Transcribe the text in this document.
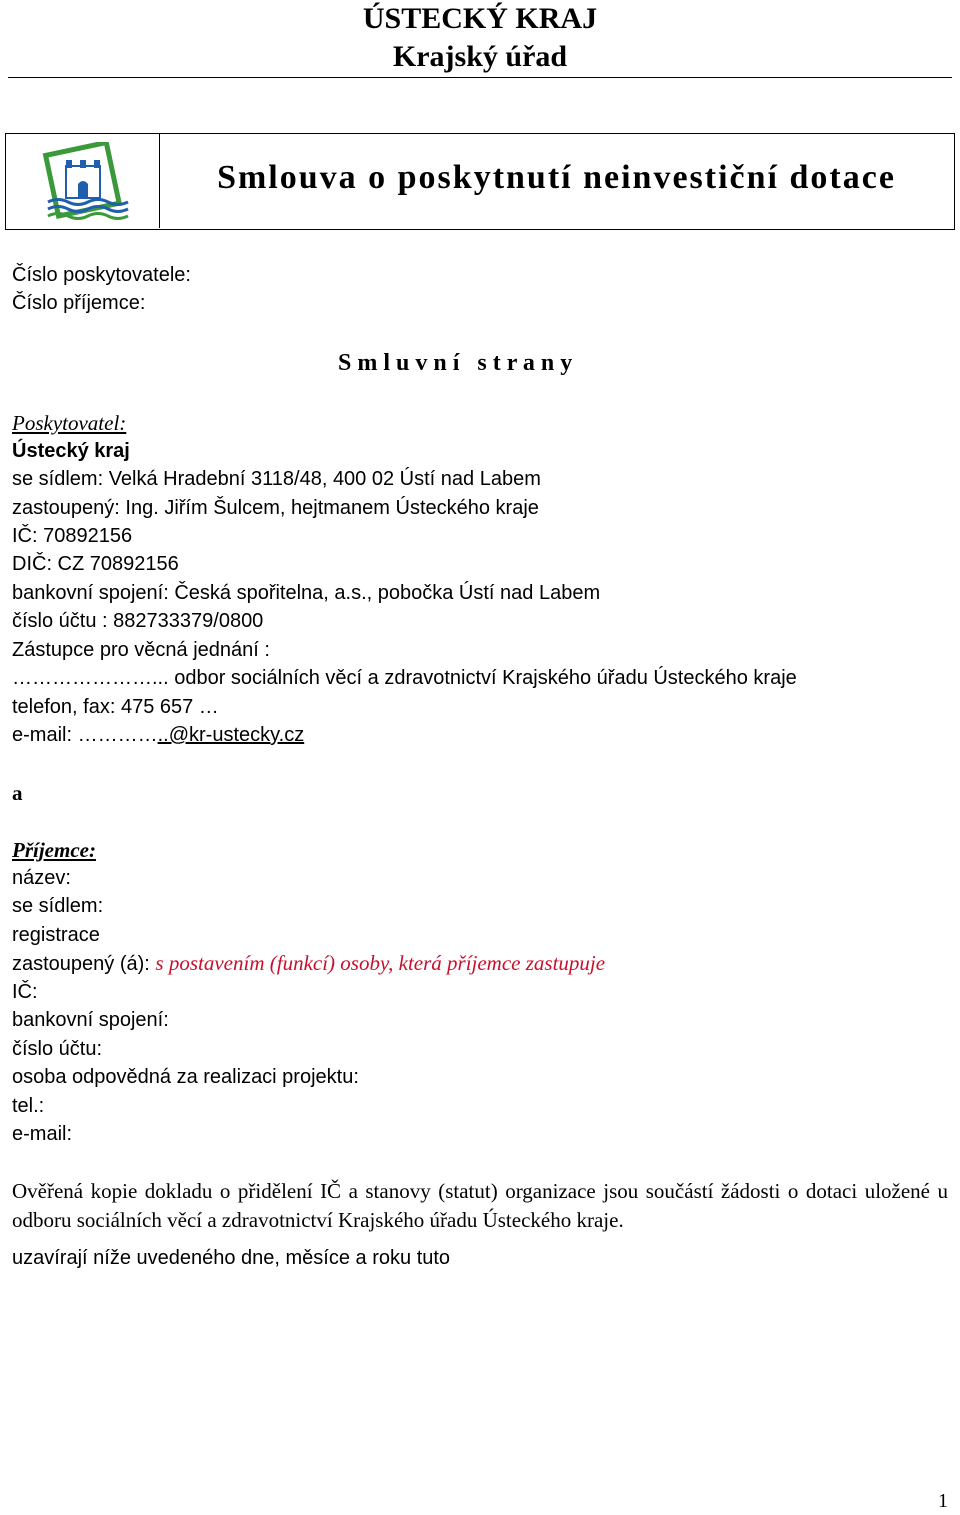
ÚSTECKÝ KRAJ
Krajský úřad
Smlouva o poskytnutí neinvestiční dotace
Číslo poskytovatele:
Číslo příjemce:
S m l u v n í   s t r a n y
Poskytovatel:
Ústecký kraj
se sídlem: Velká Hradební 3118/48, 400 02 Ústí nad Labem
zastoupený: Ing. Jiřím Šulcem, hejtmanem Ústeckého kraje
IČ: 70892156
DIČ: CZ 70892156
bankovní spojení: Česká spořitelna, a.s., pobočka Ústí nad Labem
číslo účtu : 882733379/0800
Zástupce pro věcná jednání :
…………………... odbor sociálních věcí a zdravotnictví Krajského úřadu Ústeckého kraje
telefon, fax: 475 657 …
e-mail: …………..@kr-ustecky.cz
a
Příjemce:
název:
se sídlem:
registrace
zastoupený (á): s postavením (funkcí) osoby, která příjemce zastupuje
IČ:
bankovní spojení:
číslo účtu:
osoba odpovědná za realizaci projektu:
tel.:
e-mail:
Ověřená kopie dokladu o přidělení IČ a stanovy (statut) organizace jsou součástí žádosti o dotaci uložené u odboru sociálních věcí a zdravotnictví Krajského úřadu Ústeckého kraje.
uzavírají níže uvedeného dne, měsíce a roku tuto
1
